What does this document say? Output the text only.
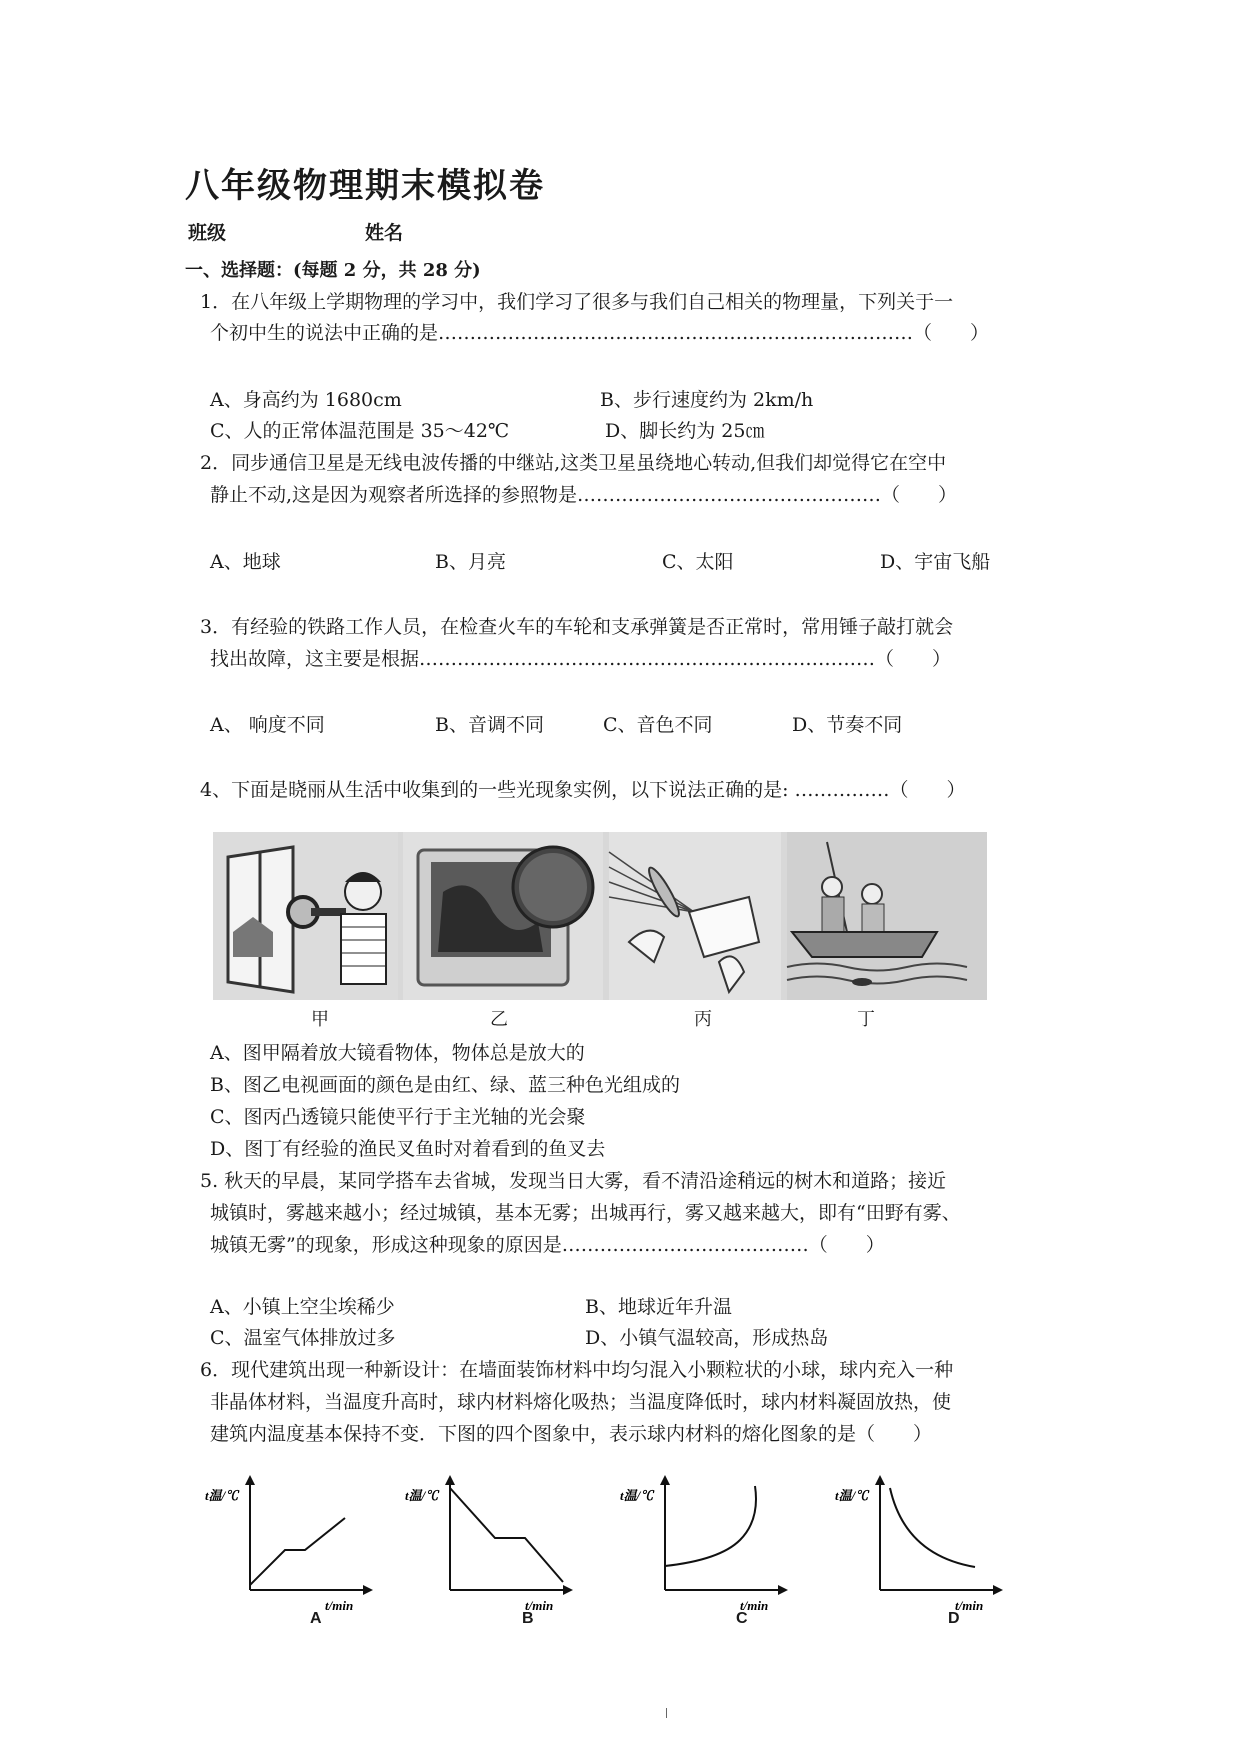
八年级物理期末模拟卷
班级	姓名
一、选择题：(每题 2 分，共 28 分)
1．在八年级上学期物理的学习中，我们学习了很多与我们自己相关的物理量，下列关于一
个初中生的说法中正确的是…………………………………………………………………（　　）
A、身高约为 1680cm	B、步行速度约为 2km/h
C、人的正常体温范围是 35～42℃	D、脚长约为 25㎝
2．同步通信卫星是无线电波传播的中继站,这类卫星虽绕地心转动,但我们却觉得它在空中
静止不动,这是因为观察者所选择的参照物是…………………………………………（　　）
A、地球	B、月亮	C、太阳	D、宇宙飞船
3．有经验的铁路工作人员，在检查火车的车轮和支承弹簧是否正常时，常用锤子敲打就会
找出故障，这主要是根据………………………………………………………………（　　）
A、 响度不同	B、音调不同	C、音色不同	D、节奏不同
4、下面是晓丽从生活中收集到的一些光现象实例，以下说法正确的是: ……………（　　）
甲	乙	丙	丁
A、图甲隔着放大镜看物体，物体总是放大的
B、图乙电视画面的颜色是由红、绿、蓝三种色光组成的
C、图丙凸透镜只能使平行于主光轴的光会聚
D、图丁有经验的渔民叉鱼时对着看到的鱼叉去
5. 秋天的早晨，某同学搭车去省城，发现当日大雾，看不清沿途稍远的树木和道路；接近
城镇时，雾越来越小；经过城镇，基本无雾；出城再行，雾又越来越大，即有“田野有雾、
城镇无雾”的现象，形成这种现象的原因是…………………………………（　　）
A、小镇上空尘埃稀少	B、地球近年升温
C、温室气体排放过多	D、小镇气温较高，形成热岛
6．现代建筑出现一种新设计：在墙面装饰材料中均匀混入小颗粒状的小球，球内充入一种
非晶体材料，当温度升高时，球内材料熔化吸热；当温度降低时，球内材料凝固放热，使
建筑内温度基本保持不变．下图的四个图象中，表示球内材料的熔化图象的是（　　）
t温/℃
t/min
t温/℃
t/min
t温/℃
t/min
t温/℃
t/min
A	B	C	D
